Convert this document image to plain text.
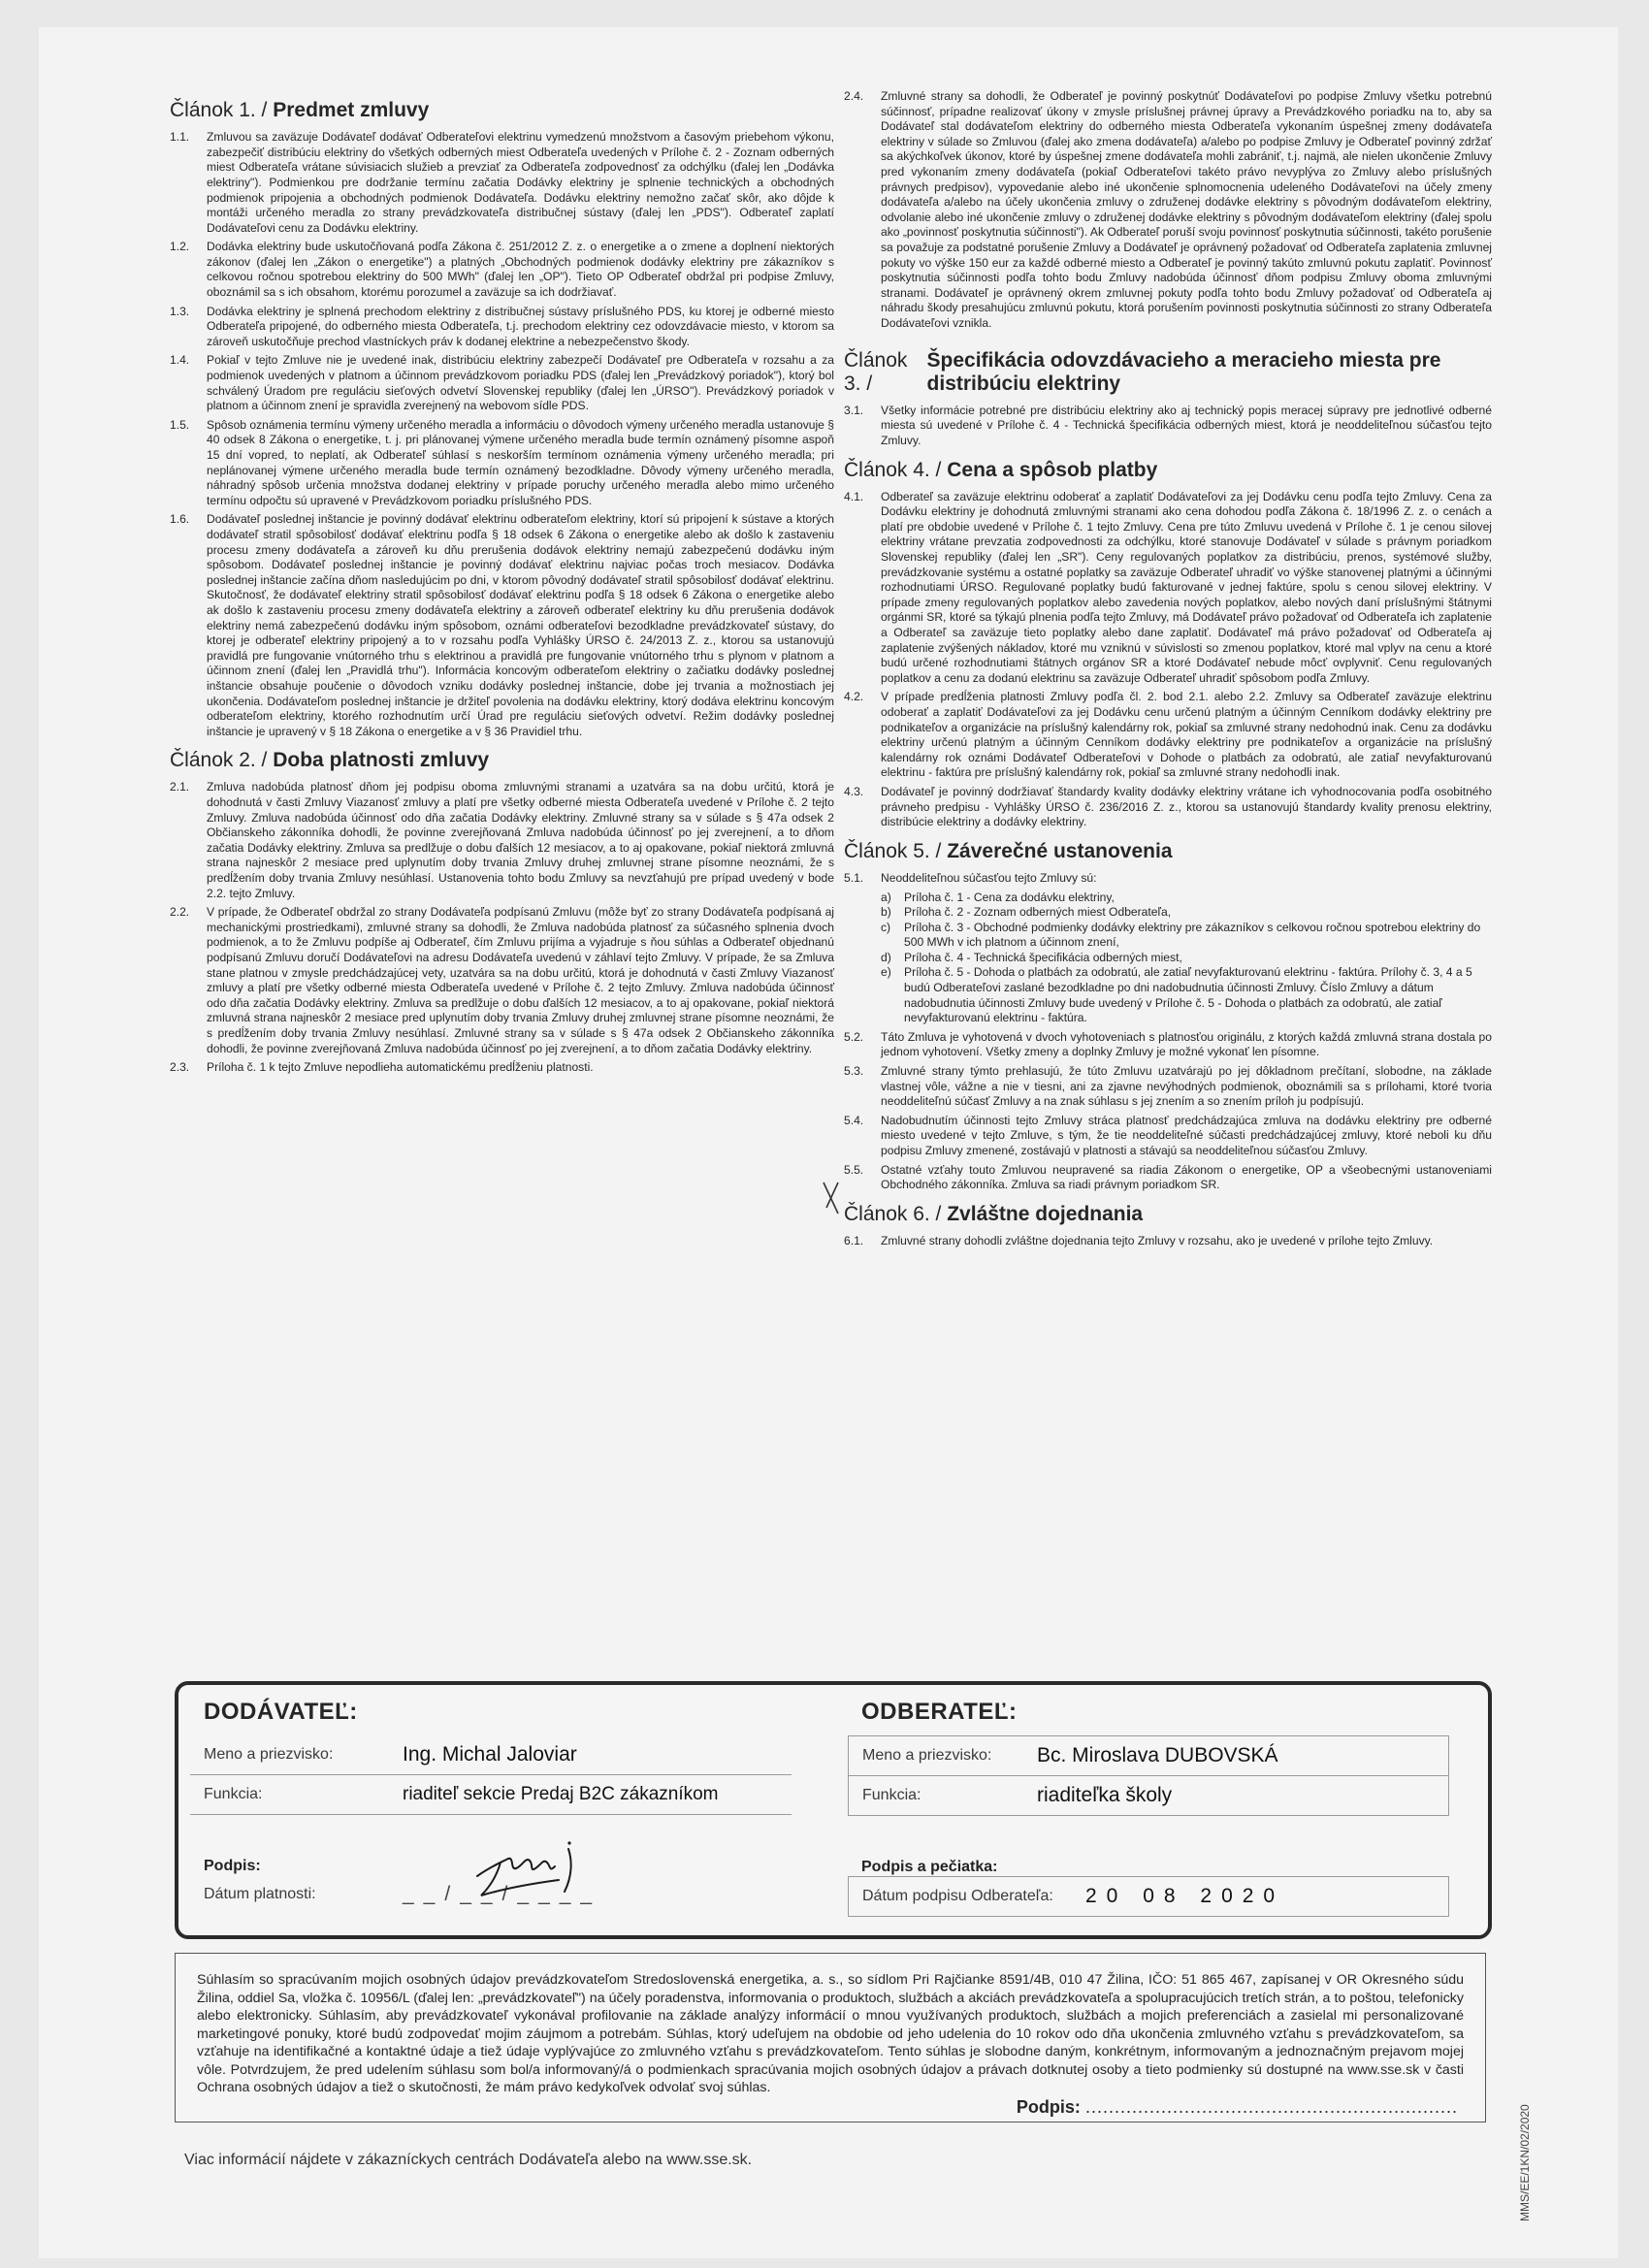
Článok 1. / Predmet zmluvy
1.1.	Zmluvou sa zaväzuje Dodávateľ dodávať Odberateľovi elektrinu vymedzenú množstvom a časovým priebehom výkonu, zabezpečiť distribúciu elektriny do všetkých odberných miest Odberateľa uvedených v Prílohe č. 2 - Zoznam odberných miest Odberateľa vrátane súvisiacich služieb a prevziať za Odberateľa zodpovednosť za odchýlku (ďalej len „Dodávka elektriny"). Podmienkou pre dodržanie termínu začatia Dodávky elektriny je splnenie technických a obchodných podmienok pripojenia a obchodných podmienok Dodávateľa. Dodávku elektriny nemožno začať skôr, ako dôjde k montáži určeného meradla zo strany prevádzkovateľa distribučnej sústavy (ďalej len „PDS"). Odberateľ zaplatí Dodávateľovi cenu za Dodávku elektriny.
1.2.	Dodávka elektriny bude uskutočňovaná podľa Zákona č. 251/2012 Z. z. o energetike a o zmene a doplnení niektorých zákonov (ďalej len „Zákon o energetike") a platných „Obchodných podmienok dodávky elektriny pre zákazníkov s celkovou ročnou spotrebou elektriny do 500 MWh" (ďalej len „OP"). Tieto OP Odberateľ obdržal pri podpise Zmluvy, oboznámil sa s ich obsahom, ktorému porozumel a zaväzuje sa ich dodržiavať.
1.3.	Dodávka elektriny je splnená prechodom elektriny z distribučnej sústavy príslušného PDS, ku ktorej je odberné miesto Odberateľa pripojené, do odberného miesta Odberateľa, t.j. prechodom elektriny cez odovzdávacie miesto, v ktorom sa zároveň uskutočňuje prechod vlastníckych práv k dodanej elektrine a nebezpečenstvo škody.
1.4.	Pokiaľ v tejto Zmluve nie je uvedené inak, distribúciu elektriny zabezpečí Dodávateľ pre Odberateľa v rozsahu a za podmienok uvedených v platnom a účinnom prevádzkovom poriadku PDS (ďalej len „Prevádzkový poriadok"), ktorý bol schválený Úradom pre reguláciu sieťových odvetví Slovenskej republiky (ďalej len „ÚRSO"). Prevádzkový poriadok v platnom a účinnom znení je spravidla zverejnený na webovom sídle PDS.
1.5.	Spôsob oznámenia termínu výmeny určeného meradla a informáciu o dôvodoch výmeny určeného meradla ustanovuje § 40 odsek 8 Zákona o energetike, t. j. pri plánovanej výmene určeného meradla bude termín oznámený písomne aspoň 15 dní vopred, to neplatí, ak Odberateľ súhlasí s neskorším termínom oznámenia výmeny určeného meradla; pri neplánovanej výmene určeného meradla bude termín oznámený bezodkladne. Dôvody výmeny určeného meradla, náhradný spôsob určenia množstva dodanej elektriny v prípade poruchy určeného meradla alebo mimo určeného termínu odpočtu sú upravené v Prevádzkovom poriadku príslušného PDS.
1.6.	Dodávateľ poslednej inštancie je povinný dodávať elektrinu odberateľom elektriny, ktorí sú pripojení k sústave a ktorých dodávateľ stratil spôsobilosť dodávať elektrinu podľa § 18 odsek 6 Zákona o energetike alebo ak došlo k zastaveniu procesu zmeny dodávateľa a zároveň ku dňu prerušenia dodávok elektriny nemajú zabezpečenú dodávku iným spôsobom. Dodávateľ poslednej inštancie je povinný dodávať elektrinu najviac počas troch mesiacov. Dodávka poslednej inštancie začína dňom nasledujúcim po dni, v ktorom pôvodný dodávateľ stratil spôsobilosť dodávať elektrinu. Skutočnosť, že dodávateľ elektriny stratil spôsobilosť dodávať elektrinu podľa § 18 odsek 6 Zákona o energetike alebo ak došlo k zastaveniu procesu zmeny dodávateľa elektriny a zároveň odberateľ elektriny ku dňu prerušenia dodávok elektriny nemá zabezpečenú dodávku iným spôsobom, oznámi odberateľovi bezodkladne prevádzkovateľ sústavy, do ktorej je odberateľ elektriny pripojený a to v rozsahu podľa Vyhlášky ÚRSO č. 24/2013 Z. z., ktorou sa ustanovujú pravidlá pre fungovanie vnútorného trhu s elektrinou a pravidlá pre fungovanie vnútorného trhu s plynom v platnom a účinnom znení (ďalej len „Pravidlá trhu"). Informácia koncovým odberateľom elektriny o začiatku dodávky poslednej inštancie obsahuje poučenie o dôvodoch vzniku dodávky poslednej inštancie, dobe jej trvania a možnostiach jej ukončenia. Dodávateľom poslednej inštancie je držiteľ povolenia na dodávku elektriny, ktorý dodáva elektrinu koncovým odberateľom elektriny, ktorého rozhodnutím určí Úrad pre reguláciu sieťových odvetví. Režim dodávky poslednej inštancie je upravený v § 18 Zákona o energetike a v § 36 Pravidiel trhu.
Článok 2. / Doba platnosti zmluvy
2.1.	Zmluva nadobúda platnosť dňom jej podpisu oboma zmluvnými stranami a uzatvára sa na dobu určitú, ktorá je dohodnutá v časti Zmluvy Viazanosť zmluvy a platí pre všetky odberné miesta Odberateľa uvedené v Prílohe č. 2 tejto Zmluvy. Zmluva nadobúda účinnosť odo dňa začatia Dodávky elektriny. Zmluvné strany sa v súlade s § 47a odsek 2 Občianskeho zákonníka dohodli, že povinne zverejňovaná Zmluva nadobúda účinnosť po jej zverejnení, a to dňom začatia Dodávky elektriny. Zmluva sa predlžuje o dobu ďalších 12 mesiacov, a to aj opakovane, pokiaľ niektorá zmluvná strana najneskôr 2 mesiace pred uplynutím doby trvania Zmluvy druhej zmluvnej strane písomne neoznámi, že s predĺžením doby trvania Zmluvy nesúhlasí. Ustanovenia tohto bodu Zmluvy sa nevzťahujú pre prípad uvedený v bode 2.2. tejto Zmluvy.
2.2.	V prípade, že Odberateľ obdržal zo strany Dodávateľa podpísanú Zmluvu (môže byť zo strany Dodávateľa podpísaná aj mechanickými prostriedkami), zmluvné strany sa dohodli, že Zmluva nadobúda platnosť za súčasného splnenia dvoch podmienok, a to že Zmluvu podpíše aj Odberateľ, čím Zmluvu prijíma a vyjadruje s ňou súhlas a Odberateľ objednanú podpísanú Zmluvu doručí Dodávateľovi na adresu Dodávateľa uvedenú v záhlaví tejto Zmluvy. V prípade, že sa Zmluva stane platnou v zmysle predchádzajúcej vety, uzatvára sa na dobu určitú, ktorá je dohodnutá v časti Zmluvy Viazanosť zmluvy a platí pre všetky odberné miesta Odberateľa uvedené v Prílohe č. 2 tejto Zmluvy. Zmluva nadobúda účinnosť odo dňa začatia Dodávky elektriny. Zmluva sa predlžuje o dobu ďalších 12 mesiacov, a to aj opakovane, pokiaľ niektorá zmluvná strana najneskôr 2 mesiace pred uplynutím doby trvania Zmluvy druhej zmluvnej strane písomne neoznámi, že s predĺžením doby trvania Zmluvy nesúhlasí. Zmluvné strany sa v súlade s § 47a odsek 2 Občianskeho zákonníka dohodli, že povinne zverejňovaná Zmluva nadobúda účinnosť po jej zverejnení, a to dňom začatia Dodávky elektriny.
2.3.	Príloha č. 1 k tejto Zmluve nepodlieha automatickému predĺženiu platnosti.
2.4.	Zmluvné strany sa dohodli, že Odberateľ je povinný poskytnúť Dodávateľovi po podpise Zmluvy všetku potrebnú súčinnosť, prípadne realizovať úkony v zmysle príslušnej právnej úpravy a Prevádzkového poriadku na to, aby sa Dodávateľ stal dodávateľom elektriny do odberného miesta Odberateľa vykonaním úspešnej zmeny dodávateľa elektriny v súlade so Zmluvou (ďalej ako zmena dodávateľa) a/alebo po podpise Zmluvy je Odberateľ povinný zdržať sa akýchkoľvek úkonov, ktoré by úspešnej zmene dodávateľa mohli zabrániť, t.j. najmä, ale nielen ukončenie Zmluvy pred vykonaním zmeny dodávateľa (pokiaľ Odberateľovi takéto právo nevyplýva zo Zmluvy alebo príslušných právnych predpisov), vypovedanie alebo iné ukončenie splnomocnenia udeleného Dodávateľovi na účely zmeny dodávateľa a/alebo na účely ukončenia zmluvy o združenej dodávke elektriny s pôvodným dodávateľom elektriny, odvolanie alebo iné ukončenie zmluvy o združenej dodávke elektriny s pôvodným dodávateľom elektriny (ďalej spolu ako „povinnosť poskytnutia súčinnosti"). Ak Odberateľ poruší svoju povinnosť poskytnutia súčinnosti, takéto porušenie sa považuje za podstatné porušenie Zmluvy a Dodávateľ je oprávnený požadovať od Odberateľa zaplatenia zmluvnej pokuty vo výške 150 eur za každé odberné miesto a Odberateľ je povinný takúto zmluvnú pokutu zaplatiť. Povinnosť poskytnutia súčinnosti podľa tohto bodu Zmluvy nadobúda účinnosť dňom podpisu Zmluvy oboma zmluvnými stranami. Dodávateľ je oprávnený okrem zmluvnej pokuty podľa tohto bodu Zmluvy požadovať od Odberateľa aj náhradu škody presahujúcu zmluvnú pokutu, ktorá porušením povinnosti poskytnutia súčinnosti zo strany Odberateľa Dodávateľovi vznikla.
Článok 3. /
Špecifikácia odovzdávacieho a meracieho miesta pre distribúciu elektriny
3.1.	Všetky informácie potrebné pre distribúciu elektriny ako aj technický popis meracej súpravy pre jednotlivé odberné miesta sú uvedené v Prílohe č. 4 - Technická špecifikácia odberných miest, ktorá je neoddeliteľnou súčasťou tejto Zmluvy.
Článok 4. / Cena a spôsob platby
4.1.	Odberateľ sa zaväzuje elektrinu odoberať a zaplatiť Dodávateľovi za jej Dodávku cenu podľa tejto Zmluvy. Cena za Dodávku elektriny je dohodnutá zmluvnými stranami ako cena dohodou podľa Zákona č. 18/1996 Z. z. o cenách a platí pre obdobie uvedené v Prílohe č. 1 tejto Zmluvy. Cena pre túto Zmluvu uvedená v Prílohe č. 1 je cenou silovej elektriny vrátane prevzatia zodpovednosti za odchýlku, ktoré stanovuje Dodávateľ v súlade s právnym poriadkom Slovenskej republiky (ďalej len „SR"). Ceny regulovaných poplatkov za distribúciu, prenos, systémové služby, prevádzkovanie systému a ostatné poplatky sa zaväzuje Odberateľ uhradiť vo výške stanovenej platnými a účinnými rozhodnutiami ÚRSO. Regulované poplatky budú fakturované v jednej faktúre, spolu s cenou silovej elektriny. V prípade zmeny regulovaných poplatkov alebo zavedenia nových poplatkov, alebo nových daní príslušnými štátnymi orgánmi SR, ktoré sa týkajú plnenia podľa tejto Zmluvy, má Dodávateľ právo požadovať od Odberateľa ich zaplatenie a Odberateľ sa zaväzuje tieto poplatky alebo dane zaplatiť. Dodávateľ má právo požadovať od Odberateľa aj zaplatenie zvýšených nákladov, ktoré mu vzniknú v súvislosti so zmenou poplatkov, ktoré mal vplyv na cenu a ktoré budú určené rozhodnutiami štátnych orgánov SR a ktoré Dodávateľ nebude môcť ovplyvniť. Cenu regulovaných poplatkov a cenu za dodanú elektrinu sa zaväzuje Odberateľ uhradiť spôsobom podľa Zmluvy.
4.2.	V prípade predĺženia platnosti Zmluvy podľa čl. 2. bod 2.1. alebo 2.2. Zmluvy sa Odberateľ zaväzuje elektrinu odoberať a zaplatiť Dodávateľovi za jej Dodávku cenu určenú platným a účinným Cenníkom dodávky elektriny pre podnikateľov a organizácie na príslušný kalendárny rok, pokiaľ sa zmluvné strany nedohodnú inak. Cenu za dodávku elektriny určenú platným a účinným Cenníkom dodávky elektriny pre podnikateľov a organizácie na príslušný kalendárny rok oznámi Dodávateľ Odberateľovi v Dohode o platbách za odobratú, ale zatiaľ nevyfakturovanú elektrinu - faktúra pre príslušný kalendárny rok, pokiaľ sa zmluvné strany nedohodli inak.
4.3.	Dodávateľ je povinný dodržiavať štandardy kvality dodávky elektriny vrátane ich vyhodnocovania podľa osobitného právneho predpisu - Vyhlášky ÚRSO č. 236/2016 Z. z., ktorou sa ustanovujú štandardy kvality prenosu elektriny, distribúcie elektriny a dodávky elektriny.
Článok 5. / Záverečné ustanovenia
5.1.	Neoddeliteľnou súčasťou tejto Zmluvy sú:
a)	Príloha č. 1 - Cena za dodávku elektriny,
b)	Príloha č. 2 - Zoznam odberných miest Odberateľa,
c)	Príloha č. 3 - Obchodné podmienky dodávky elektriny pre zákazníkov s celkovou ročnou spotrebou elektriny do 500 MWh v ich platnom a účinnom znení,
d)	Príloha č. 4 - Technická špecifikácia odberných miest,
e)	Príloha č. 5 - Dohoda o platbách za odobratú, ale zatiaľ nevyfakturovanú elektrinu - faktúra. Prílohy č. 3, 4 a 5 budú Odberateľovi zaslané bezodkladne po dni nadobudnutia účinnosti Zmluvy. Číslo Zmluvy a dátum nadobudnutia účinnosti Zmluvy bude uvedený v Prílohe č. 5 - Dohoda o platbách za odobratú, ale zatiaľ nevyfakturovanú elektrinu - faktúra.
5.2.	Táto Zmluva je vyhotovená v dvoch vyhotoveniach s platnosťou originálu, z ktorých každá zmluvná strana dostala po jednom vyhotovení. Všetky zmeny a doplnky Zmluvy je možné vykonať len písomne.
5.3.	Zmluvné strany týmto prehlasujú, že túto Zmluvu uzatvárajú po jej dôkladnom prečítaní, slobodne, na základe vlastnej vôle, vážne a nie v tiesni, ani za zjavne nevýhodných podmienok, oboznámili sa s prílohami, ktoré tvoria neoddeliteľnú súčasť Zmluvy a na znak súhlasu s jej znením a so znením príloh ju podpísujú.
5.4.	Nadobudnutím účinnosti tejto Zmluvy stráca platnosť predchádzajúca zmluva na dodávku elektriny pre odberné miesto uvedené v tejto Zmluve, s tým, že tie neoddeliteľné súčasti predchádzajúcej zmluvy, ktoré neboli ku dňu podpisu Zmluvy zmenené, zostávajú v platnosti a stávajú sa neoddeliteľnou súčasťou Zmluvy.
5.5.	Ostatné vzťahy touto Zmluvou neupravené sa riadia Zákonom o energetike, OP a všeobecnými ustanoveniami Obchodného zákonníka. Zmluva sa riadi právnym poriadkom SR.
Článok 6. / Zvláštne dojednania
6.1.	Zmluvné strany dohodli zvláštne dojednania tejto Zmluvy v rozsahu, ako je uvedené v prílohe tejto Zmluvy.
DODÁVATEĽ:
Meno a priezvisko:	Ing. Michal Jaloviar
Funkcia:	riaditeľ sekcie Predaj B2C zákazníkom
Podpis:
Dátum platnosti:	__/__/____
ODBERATEĽ:
Meno a priezvisko:	Bc. Miroslava DUBOVSKÁ
Funkcia:	riaditeľka školy
Podpis a pečiatka:
Dátum podpisu Odberateľa:	20 08 2020
Súhlasím so spracúvaním mojich osobných údajov prevádzkovateľom Stredoslovenská energetika, a. s., so sídlom Pri Rajčianke 8591/4B, 010 47 Žilina, IČO: 51 865 467, zapísanej v OR Okresného súdu Žilina, oddiel Sa, vložka č. 10956/L (ďalej len: „prevádzkovateľ") na účely poradenstva, informovania o produktoch, službách a akciách prevádzkovateľa a spolupracujúcich tretích strán, a to poštou, telefonicky alebo elektronicky. Súhlasím, aby prevádzkovateľ vykonával profilovanie na základe analýzy informácií o mnou využívaných produktoch, službách a mojich preferenciách a zasielal mi personalizované marketingové ponuky, ktoré budú zodpovedať mojim záujmom a potrebám. Súhlas, ktorý udeľujem na obdobie od jeho udelenia do 10 rokov odo dňa ukončenia zmluvného vzťahu s prevádzkovateľom, sa vzťahuje na identifikačné a kontaktné údaje a tiež údaje vyplývajúce zo zmluvného vzťahu s prevádzkovateľom. Tento súhlas je slobodne daným, konkrétnym, informovaným a jednoznačným prejavom mojej vôle. Potvrdzujem, že pred udelením súhlasu som bol/a informovaný/á o podmienkach spracúvania mojich osobných údajov a právach dotknutej osoby a tieto podmienky sú dostupné na www.sse.sk v časti Ochrana osobných údajov a tiež o skutočnosti, že mám právo kedykoľvek odvolať svoj súhlas.
Podpis: ................................................................
Viac informácií nájdete v zákazníckych centrách Dodávateľa alebo na www.sse.sk.	MMS/EE/1KN/02/2020
